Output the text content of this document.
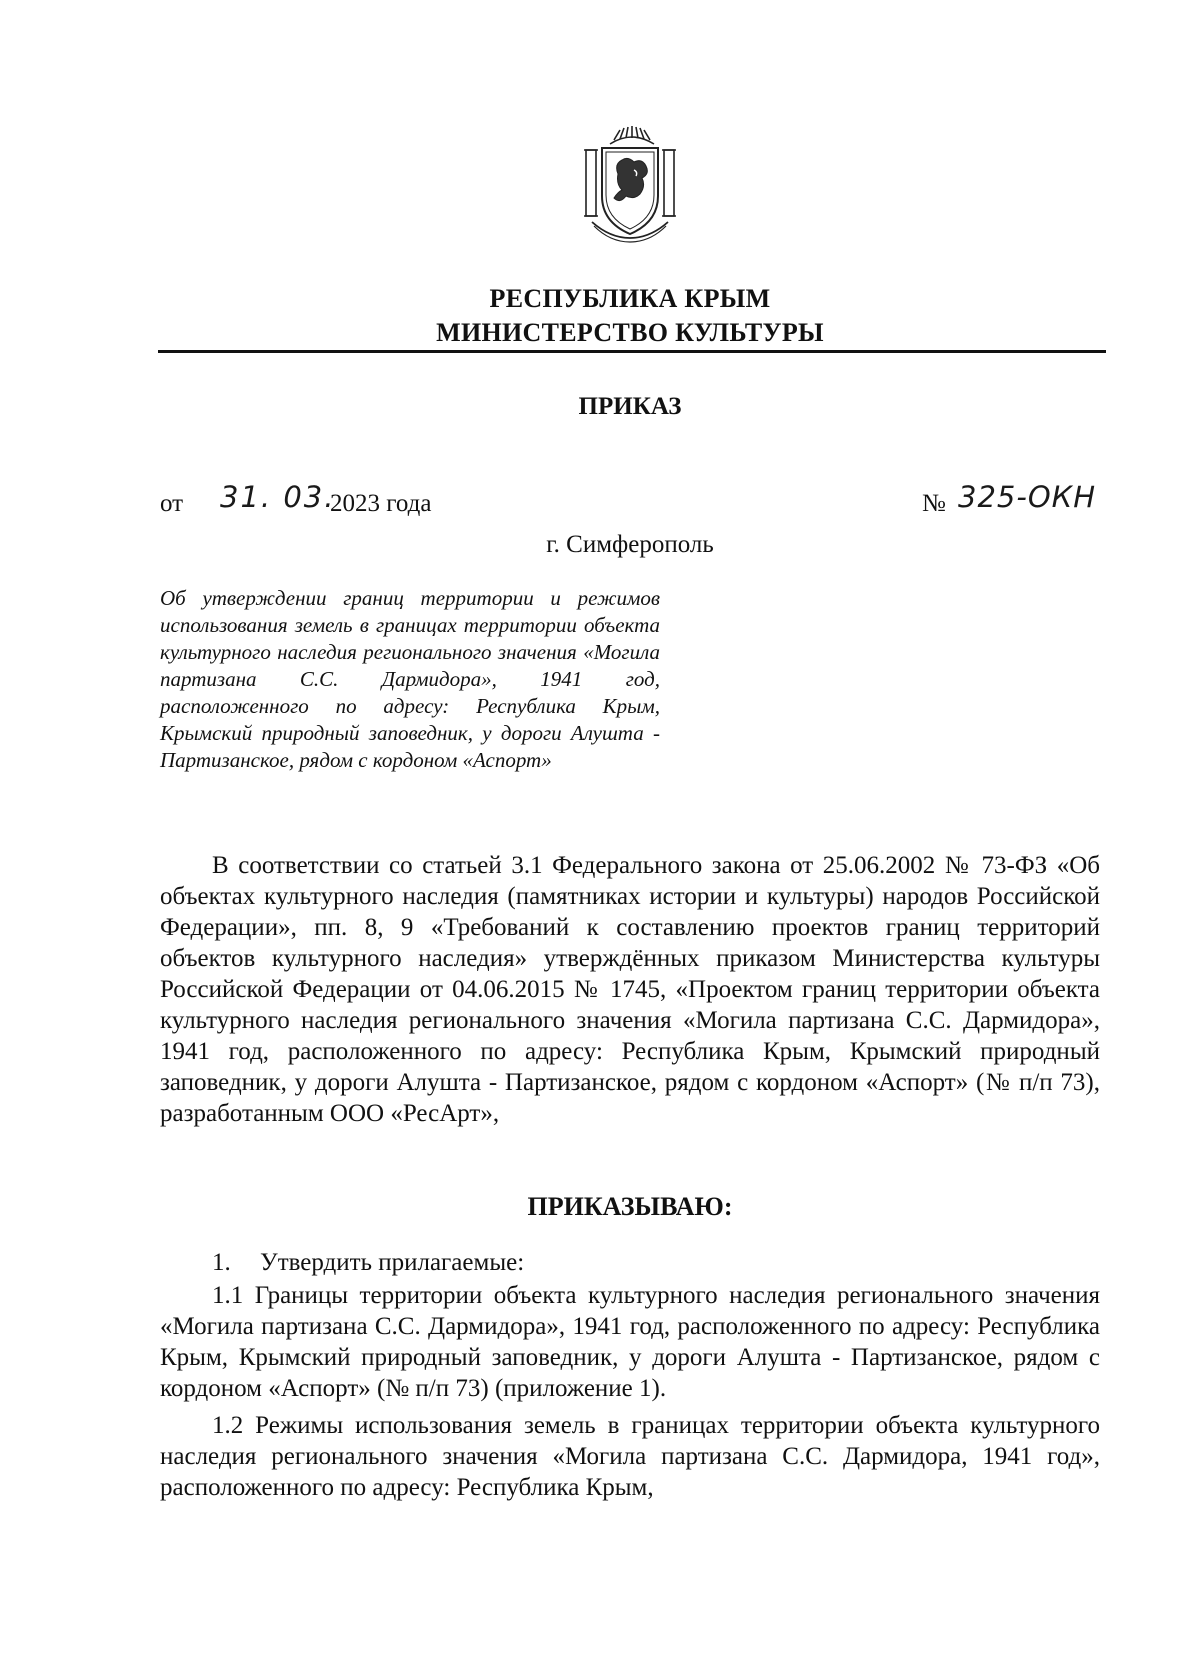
РЕСПУБЛИКА КРЫМ
МИНИСТЕРСТВО КУЛЬТУРЫ
ПРИКАЗ
от 31. 03.
2023 года	№ 325-ОКН
г. Симферополь
Об утверждении границ территории и режимов использования земель в границах территории объекта культурного наследия регионального значения «Могила партизана С.С. Дармидора», 1941 год, расположенного по адресу: Республика Крым, Крымский природный заповедник, у дороги Алушта - Партизанское, рядом с кордоном «Аспорт»
В соответствии со статьей 3.1 Федерального закона от 25.06.2002 № 73-ФЗ «Об объектах культурного наследия (памятниках истории и культуры) народов Российской Федерации», пп. 8, 9 «Требований к составлению проектов границ территорий объектов культурного наследия» утверждённых приказом Министерства культуры Российской Федерации от 04.06.2015 № 1745, «Проектом границ территории объекта культурного наследия регионального значения «Могила партизана С.С. Дармидора», 1941 год, расположенного по адресу: Республика Крым, Крымский природный заповедник, у дороги Алушта - Партизанское, рядом с кордоном «Аспорт» (№ п/п 73), разработанным ООО «РесАрт»,
ПРИКАЗЫВАЮ:
1. Утвердить прилагаемые:
1.1 Границы территории объекта культурного наследия регионального значения «Могила партизана С.С. Дармидора», 1941 год, расположенного по адресу: Республика Крым, Крымский природный заповедник, у дороги Алушта - Партизанское, рядом с кордоном «Аспорт» (№ п/п 73) (приложение 1).
1.2 Режимы использования земель в границах территории объекта культурного наследия регионального значения «Могила партизана С.С. Дармидора, 1941 год», расположенного по адресу: Республика Крым,
